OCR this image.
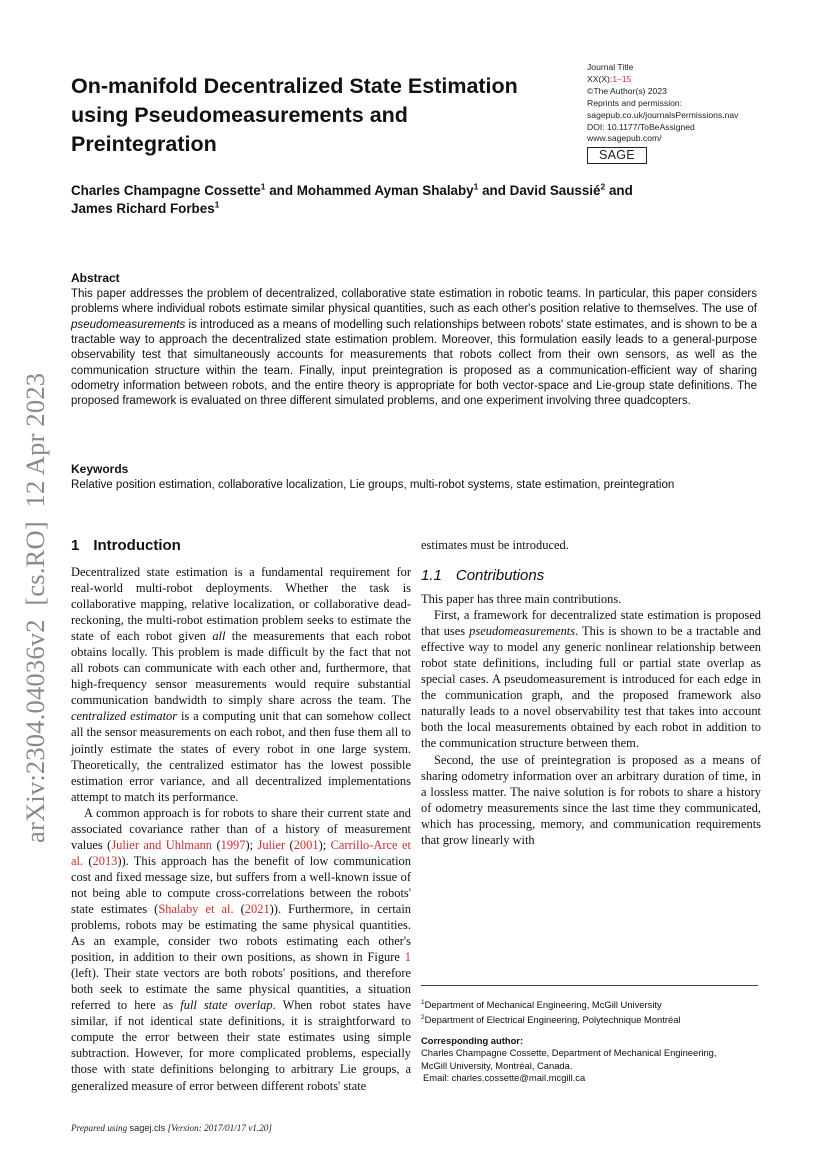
arXiv:2304.04036v2  [cs.RO]  12 Apr 2023
On-manifold Decentralized State Estimation using Pseudomeasurements and Preintegration
Journal Title
XX(X):1–15
©The Author(s) 2023
Reprints and permission:
sagepub.co.uk/journalsPermissions.nav
DOI: 10.1177/ToBeAssigned
www.sagepub.com/
SAGE
Charles Champagne Cossette$^1$ and Mohammed Ayman Shalaby$^1$ and David Saussié$^2$ and
James Richard Forbes$^1$
Abstract

This paper addresses the problem of decentralized, collaborative state estimation in robotic teams. In particular, this paper considers problems where individual robots estimate similar physical quantities, such as each other's position relative to themselves. The use of pseudomeasurements is introduced as a means of modelling such relationships between robots' state estimates, and is shown to be a tractable way to approach the decentralized state estimation problem. Moreover, this formulation easily leads to a general-purpose observability test that simultaneously accounts for measurements that robots collect from their own sensors, as well as the communication structure within the team. Finally, input preintegration is proposed as a communication-efficient way of sharing odometry information between robots, and the entire theory is appropriate for both vector-space and Lie-group state definitions. The proposed framework is evaluated on three different simulated problems, and one experiment involving three quadcopters.

Keywords

Relative position estimation, collaborative localization, Lie groups, multi-robot systems, state estimation, preintegration

1 Introduction

Decentralized state estimation is a fundamental requirement for real-world multi-robot deployments. Whether the task is collaborative mapping, relative localization, or collaborative dead-reckoning, the multi-robot estimation problem seeks to estimate the state of each robot given all the measurements that each robot obtains locally. This problem is made difficult by the fact that not all robots can communicate with each other and, furthermore, that high-frequency sensor measurements would require substantial communication bandwidth to simply share across the team. The centralized estimator is a computing unit that can somehow collect all the sensor measurements on each robot, and then fuse them all to jointly estimate the states of every robot in one large system. Theoretically, the centralized estimator has the lowest possible estimation error variance, and all decentralized implementations attempt to match its performance.

A common approach is for robots to share their current state and associated covariance rather than of a history of measurement values (Julier and Uhlmann (1997); Julier (2001); Carrillo-Arce et al. (2013)). This approach has the benefit of low communication cost and fixed message size, but suffers from a well-known issue of not being able to compute cross-correlations between the robots' state estimates (Shalaby et al. (2021)). Furthermore, in certain problems, robots may be estimating the same physical quantities. As an example, consider two robots estimating each other's position, in addition to their own positions, as shown in Figure 1 (left). Their state vectors are both robots' positions, and therefore both seek to estimate the same physical quantities, a situation referred to here as full state overlap. When robot states have similar, if not identical state definitions, it is straightforward to compute the error between their state estimates using simple subtraction. However, for more complicated problems, especially those with state definitions belonging to arbitrary Lie groups, a generalized measure of error between different robots' state

estimates must be introduced.

1.1 Contributions

This paper has three main contributions.

First, a framework for decentralized state estimation is proposed that uses pseudomeasurements. This is shown to be a tractable and effective way to model any generic nonlinear relationship between robot state definitions, including full or partial state overlap as special cases. A pseudomeasurement is introduced for each edge in the communication graph, and the proposed framework also naturally leads to a novel observability test that takes into account both the local measurements obtained by each robot in addition to the communication structure between them.

Second, the use of preintegration is proposed as a means of sharing odometry information over an arbitrary duration of time, in a lossless matter. The naive solution is for robots to share a history of odometry measurements since the last time they communicated, which has processing, memory, and communication requirements that grow linearly with

$^1$Department of Mechanical Engineering, McGill University
$^2$Department of Electrical Engineering, Polytechnique Montréal
Corresponding author:
Charles Champagne Cossette, Department of Mechanical Engineering,
McGill University, Montréal, Canada.
Email: charles.cossette@mail.mcgill.ca
Prepared using sagej.cls [Version: 2017/01/17 v1.20]
